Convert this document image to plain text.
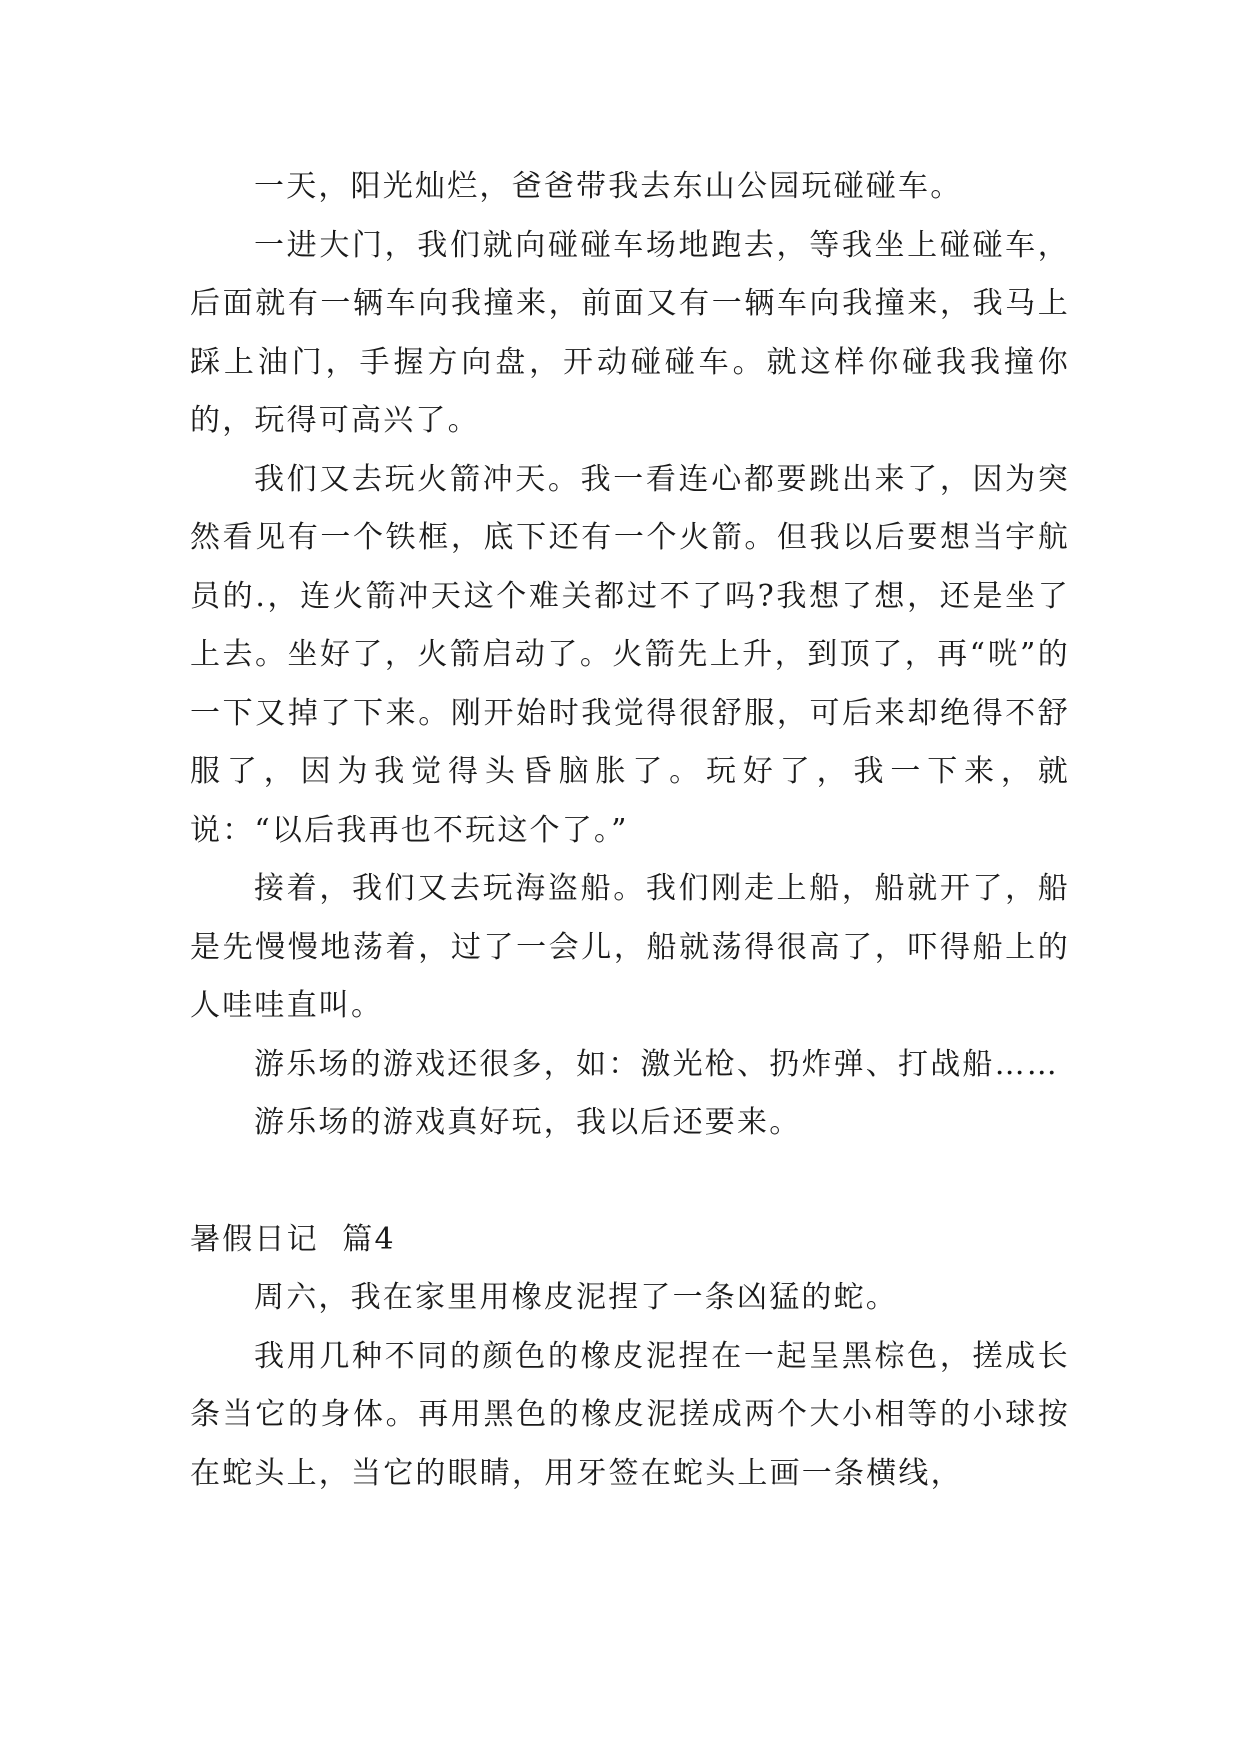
一天，阳光灿烂，爸爸带我去东山公园玩碰碰车。

一进大门，我们就向碰碰车场地跑去，等我坐上碰碰车，后面就有一辆车向我撞来，前面又有一辆车向我撞来，我马上踩上油门，手握方向盘，开动碰碰车。就这样你碰我我撞你的，玩得可高兴了。

我们又去玩火箭冲天。我一看连心都要跳出来了，因为突然看见有一个铁框，底下还有一个火箭。但我以后要想当宇航员的.，连火箭冲天这个难关都过不了吗?我想了想，还是坐了上去。坐好了，火箭启动了。火箭先上升，到顶了，再“咣”的一下又掉了下来。刚开始时我觉得很舒服，可后来却绝得不舒服了，因为我觉得头昏脑胀了。玩好了，我一下来，就说：“以后我再也不玩这个了。”

接着，我们又去玩海盗船。我们刚走上船，船就开了，船是先慢慢地荡着，过了一会儿，船就荡得很高了，吓得船上的人哇哇直叫。

游乐场的游戏还很多，如：激光枪、扔炸弹、打战船……

游乐场的游戏真好玩，我以后还要来。

暑假日记  篇4

周六，我在家里用橡皮泥捏了一条凶猛的蛇。

我用几种不同的颜色的橡皮泥捏在一起呈黑棕色，搓成长条当它的身体。再用黑色的橡皮泥搓成两个大小相等的小球按在蛇头上，当它的眼睛，用牙签在蛇头上画一条横线，
